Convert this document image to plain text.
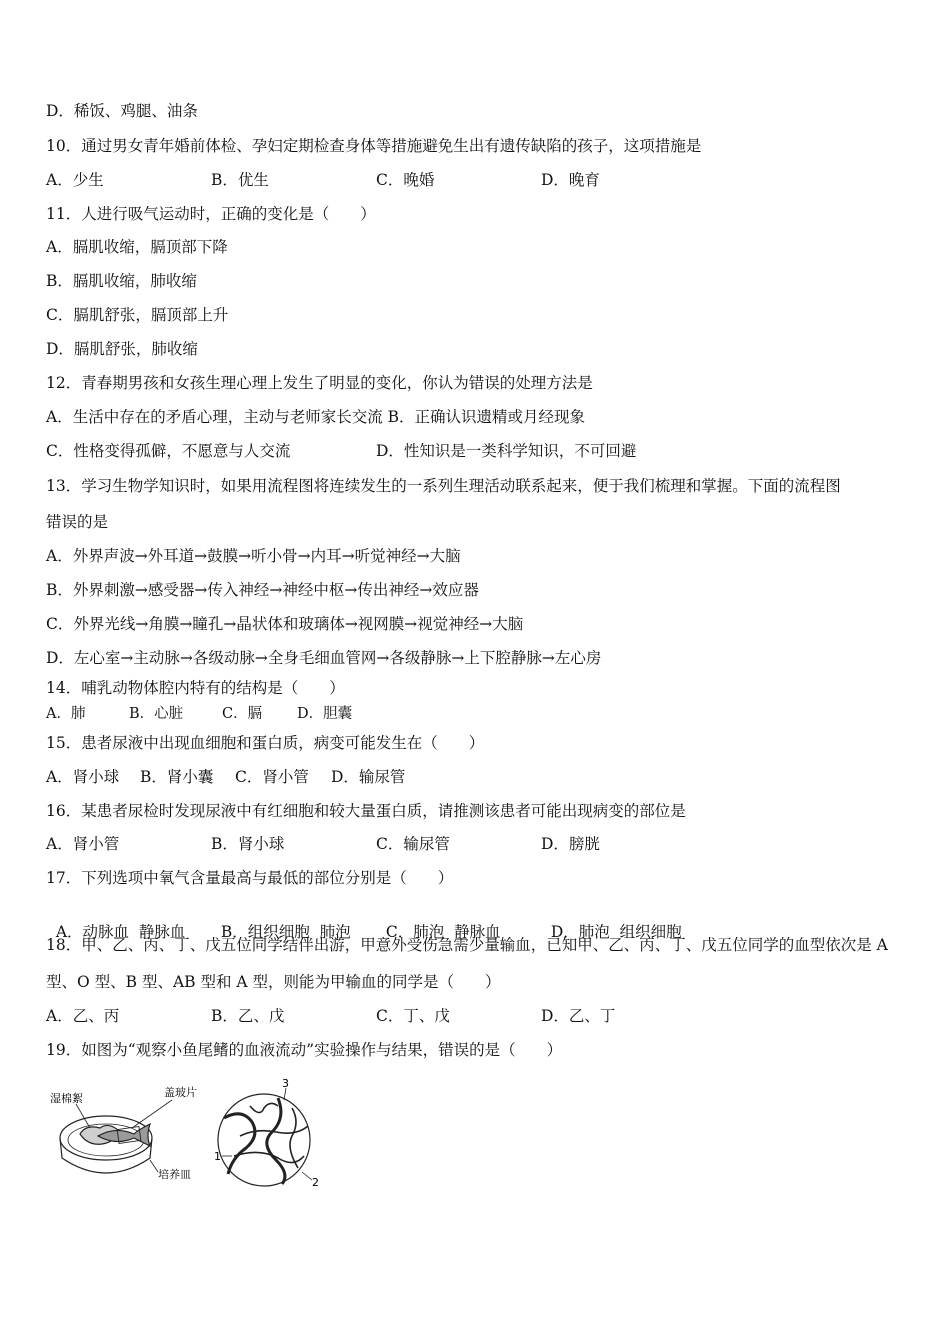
D．稀饭、鸡腿、油条
10．通过男女青年婚前体检、孕妇定期检查身体等措施避免生出有遗传缺陷的孩子，这项措施是
A．少生	B．优生	C．晚婚	D．晚育
11．人进行吸气运动时，正确的变化是（　　）
A．膈肌收缩，膈顶部下降
B．膈肌收缩，肺收缩
C．膈肌舒张，膈顶部上升
D．膈肌舒张，肺收缩
12．青春期男孩和女孩生理心理上发生了明显的变化，你认为错误的处理方法是
A．生活中存在的矛盾心理，主动与老师家长交流 B．正确认识遗精或月经现象
C．性格变得孤僻，不愿意与人交流	D．性知识是一类科学知识，不可回避
13．学习生物学知识时，如果用流程图将连续发生的一系列生理活动联系起来，便于我们梳理和掌握。下面的流程图
错误的是
A．外界声波→外耳道→鼓膜→听小骨→内耳→听觉神经→大脑
B．外界刺激→感受器→传入神经→神经中枢→传出神经→效应器
C．外界光线→角膜→瞳孔→晶状体和玻璃体→视网膜→视觉神经→大脑
D．左心室→主动脉→各级动脉→全身毛细血管网→各级静脉→上下腔静脉→左心房
14．哺乳动物体腔内特有的结构是（　　）
A．肺	B．心脏	C．膈 D．胆囊
15．患者尿液中出现血细胞和蛋白质，病变可能发生在（　　）
A．肾小球 B．肾小囊 C．肾小管 D．输尿管
16．某患者尿检时发现尿液中有红细胞和较大量蛋白质，请推测该患者可能出现病变的部位是
A．肾小管	B．肾小球	C．输尿管	D．膀胱
17．下列选项中氧气含量最高与最低的部位分别是（　　）

A．动脉血  静脉血 B．组织细胞  肺泡 C．肺泡  静脉血	D．肺泡  组织细胞

18．甲、乙、丙、丁、戊五位同学结伴出游，甲意外受伤急需少量输血，已知甲、乙、丙、丁、戊五位同学的血型依次是 A
型、O 型、B 型、AB 型和 A 型，则能为甲输血的同学是（　　）
A．乙、丙	B．乙、戊	C．丁、戊	D．乙、丁
19．如图为“观察小鱼尾鳍的血液流动”实验操作与结果，错误的是（　　）
湿棉絮	盖玻片
培养皿
1
2
3
